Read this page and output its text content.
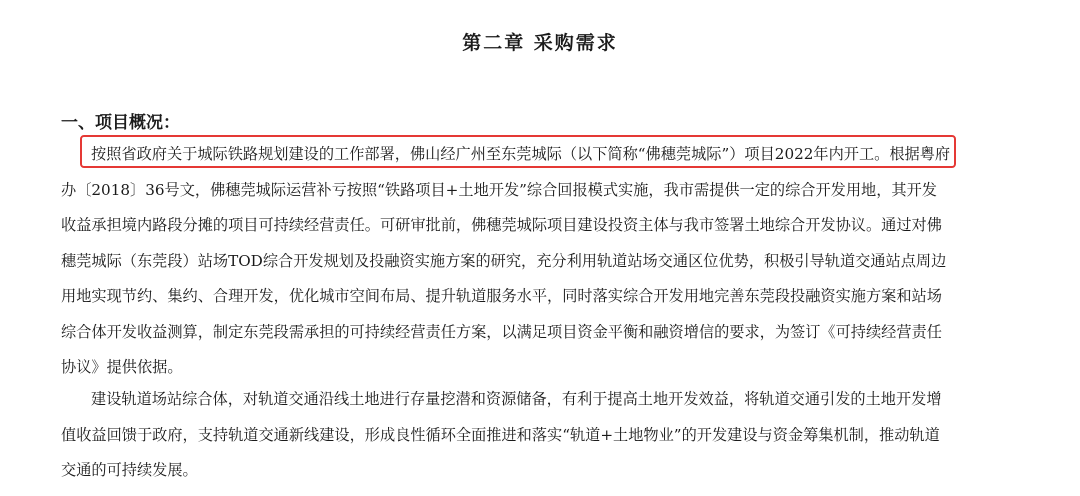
第二章 采购需求
一、项目概况：
按照省政府关于城际铁路规划建设的工作部署，佛山经广州至东莞城际（以下简称“佛穗莞城际”）项目2022年内开工。根据粤府
办〔2018〕36号文，佛穗莞城际运营补亏按照“铁路项目+土地开发”综合回报模式实施，我市需提供一定的综合开发用地，其开发
收益承担境内路段分摊的项目可持续经营责任。可研审批前，佛穗莞城际项目建设投资主体与我市签署土地综合开发协议。通过对佛
穗莞城际（东莞段）站场TOD综合开发规划及投融资实施方案的研究，充分利用轨道站场交通区位优势，积极引导轨道交通站点周边
用地实现节约、集约、合理开发，优化城市空间布局、提升轨道服务水平，同时落实综合开发用地完善东莞段投融资实施方案和站场
综合体开发收益测算，制定东莞段需承担的可持续经营责任方案，以满足项目资金平衡和融资增信的要求，为签订《可持续经营责任
协议》提供依据。
建设轨道场站综合体，对轨道交通沿线土地进行存量挖潜和资源储备，有利于提高土地开发效益，将轨道交通引发的土地开发增
值收益回馈于政府，支持轨道交通新线建设，形成良性循环全面推进和落实“轨道+土地物业”的开发建设与资金筹集机制，推动轨道
交通的可持续发展。
